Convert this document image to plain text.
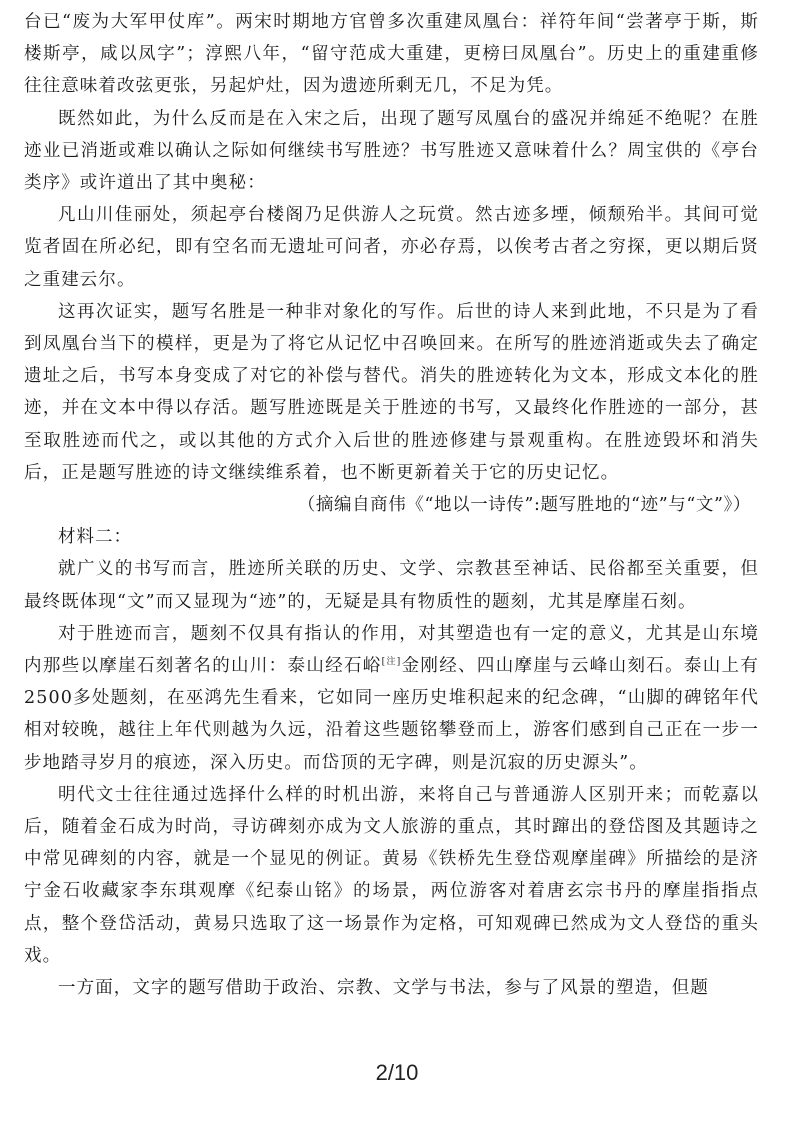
台已“废为大军甲仗库”。两宋时期地方官曾多次重建凤凰台：祥符年间“尝著亭于斯，斯楼斯亭，咸以凤字”；淳熙八年，“留守范成大重建，更榜曰凤凰台”。历史上的重建重修往往意味着改弦更张，另起炉灶，因为遗迹所剩无几，不足为凭。

既然如此，为什么反而是在入宋之后，出现了题写凤凰台的盛况并绵延不绝呢？在胜迹业已消逝或难以确认之际如何继续书写胜迹？书写胜迹又意味着什么？周宝供的《亭台类序》或许道出了其中奥秘：

凡山川佳丽处，须起亭台楼阁乃足供游人之玩赏。然古迹多堙，倾颓殆半。其间可觉览者固在所必纪，即有空名而无遗址可问者，亦必存焉，以俟考古者之穷探，更以期后贤之重建云尔。

这再次证实，题写名胜是一种非对象化的写作。后世的诗人来到此地，不只是为了看到凤凰台当下的模样，更是为了将它从记忆中召唤回来。在所写的胜迹消逝或失去了确定遗址之后，书写本身变成了对它的补偿与替代。消失的胜迹转化为文本，形成文本化的胜迹，并在文本中得以存活。题写胜迹既是关于胜迹的书写，又最终化作胜迹的一部分，甚至取胜迹而代之，或以其他的方式介入后世的胜迹修建与景观重构。在胜迹毁坏和消失后，正是题写胜迹的诗文继续维系着，也不断更新着关于它的历史记忆。

（摘编自商伟《“地以一诗传”:题写胜地的“迹”与“文”》）

材料二：

就广义的书写而言，胜迹所关联的历史、文学、宗教甚至神话、民俗都至关重要，但最终既体现“文”而又显现为“迹”的，无疑是具有物质性的题刻，尤其是摩崖石刻。

对于胜迹而言，题刻不仅具有指认的作用，对其塑造也有一定的意义，尤其是山东境内那些以摩崖石刻著名的山川：泰山经石峪[注]金刚经、四山摩崖与云峰山刻石。泰山上有2500多处题刻，在巫鸿先生看来，它如同一座历史堆积起来的纪念碑，“山脚的碑铭年代相对较晚，越往上年代则越为久远，沿着这些题铭攀登而上，游客们感到自己正在一步一步地踏寻岁月的痕迹，深入历史。而岱顶的无字碑，则是沉寂的历史源头”。

明代文士往往通过选择什么样的时机出游，来将自己与普通游人区别开来；而乾嘉以后，随着金石成为时尚，寻访碑刻亦成为文人旅游的重点，其时蹿出的登岱图及其题诗之中常见碑刻的内容，就是一个显见的例证。黄易《铁桥先生登岱观摩崖碑》所描绘的是济宁金石收藏家李东琪观摩《纪泰山铭》的场景，两位游客对着唐玄宗书丹的摩崖指指点点，整个登岱活动，黄易只选取了这一场景作为定格，可知观碑已然成为文人登岱的重头戏。

一方面，文字的题写借助于政治、宗教、文学与书法，参与了风景的塑造，但题

2/10
